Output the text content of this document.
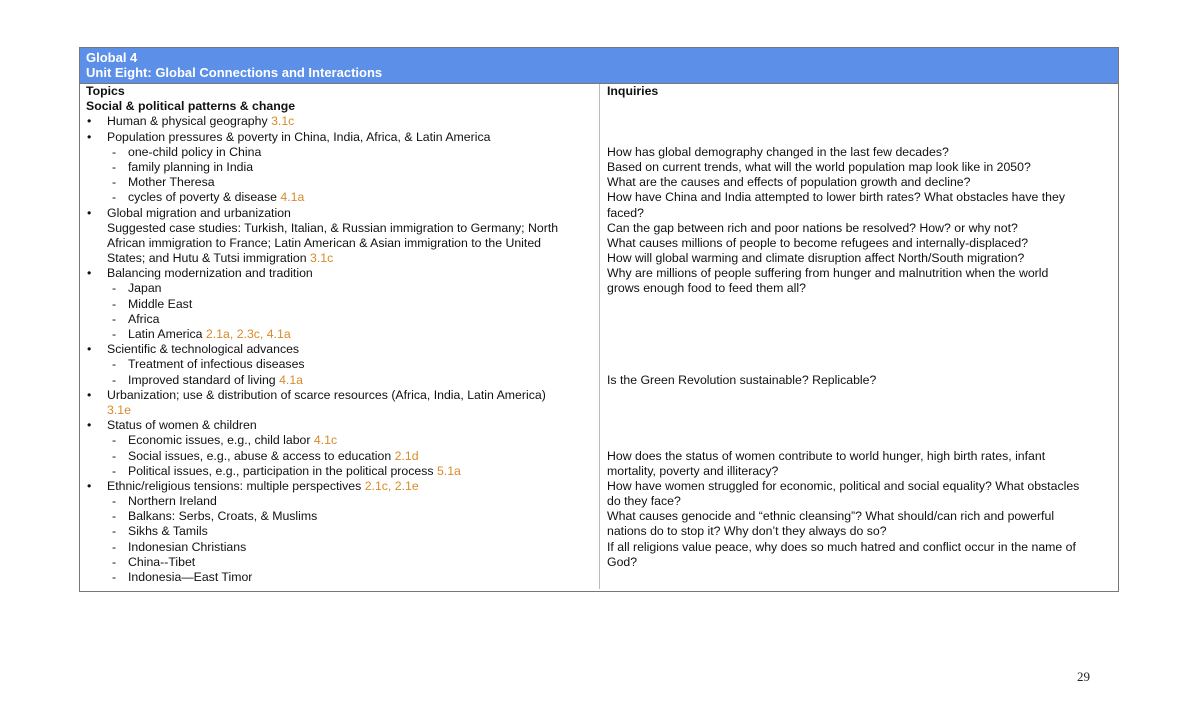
Global 4
Unit Eight: Global Connections and Interactions
Topics
Social & political patterns & change
• Human & physical geography 3.1c
• Population pressures & poverty in China, India, Africa, & Latin America
- one-child policy in China
- family planning in India
- Mother Theresa
- cycles of poverty & disease 4.1a
• Global migration and urbanization
Suggested case studies: Turkish, Italian, & Russian immigration to Germany; North
African immigration to France; Latin American & Asian immigration to the United
States; and Hutu & Tutsi immigration 3.1c
• Balancing modernization and tradition
- Japan
- Middle East
- Africa
- Latin America 2.1a, 2.3c, 4.1a
• Scientific & technological advances
- Treatment of infectious diseases
- Improved standard of living 4.1a
• Urbanization; use & distribution of scarce resources (Africa, India, Latin America)
3.1e
• Status of women & children
- Economic issues, e.g., child labor 4.1c
- Social issues, e.g., abuse & access to education 2.1d
- Political issues, e.g., participation in the political process 5.1a
• Ethnic/religious tensions: multiple perspectives 2.1c, 2.1e
- Northern Ireland
- Balkans: Serbs, Croats, & Muslims
- Sikhs & Tamils
- Indonesian Christians
- China--Tibet
- Indonesia—East Timor
Inquiries
How has global demography changed in the last few decades?
Based on current trends, what will the world population map look like in 2050?
What are the causes and effects of population growth and decline?
How have China and India attempted to lower birth rates? What obstacles have they
faced?
Can the gap between rich and poor nations be resolved? How? or why not?
What causes millions of people to become refugees and internally-displaced?
How will global warming and climate disruption affect North/South migration?
Why are millions of people suffering from hunger and malnutrition when the world
grows enough food to feed them all?
Is the Green Revolution sustainable? Replicable?
How does the status of women contribute to world hunger, high birth rates, infant
mortality, poverty and illiteracy?
How have women struggled for economic, political and social equality? What obstacles
do they face?
What causes genocide and “ethnic cleansing”? What should/can rich and powerful
nations do to stop it? Why don’t they always do so?
If all religions value peace, why does so much hatred and conflict occur in the name of
God?
29
